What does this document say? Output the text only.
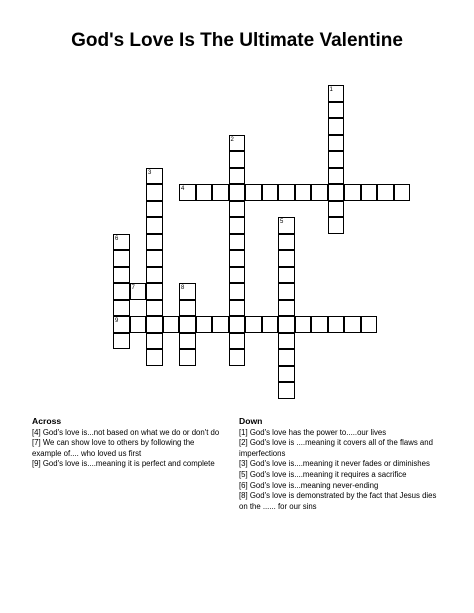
God's Love Is The Ultimate Valentine
1
2
3
4
5
6
9
7	8
Across

[4] God's love is...not based on what we do or don't do

[7] We can show love to others by following the example of.... who loved us first

[9] God's love is....meaning it is perfect and complete

Down

[1] God's love has the power to.....our lives

[2] God's love is ....meaning it covers all of the flaws and imperfections

[3] God's love is....meaning it never fades or diminishes

[5] God's love is....meaning it requires a sacrifice

[6] God's love is...meaning never-ending

[8] God's love is demonstrated by the fact that Jesus dies on the ...... for our sins
